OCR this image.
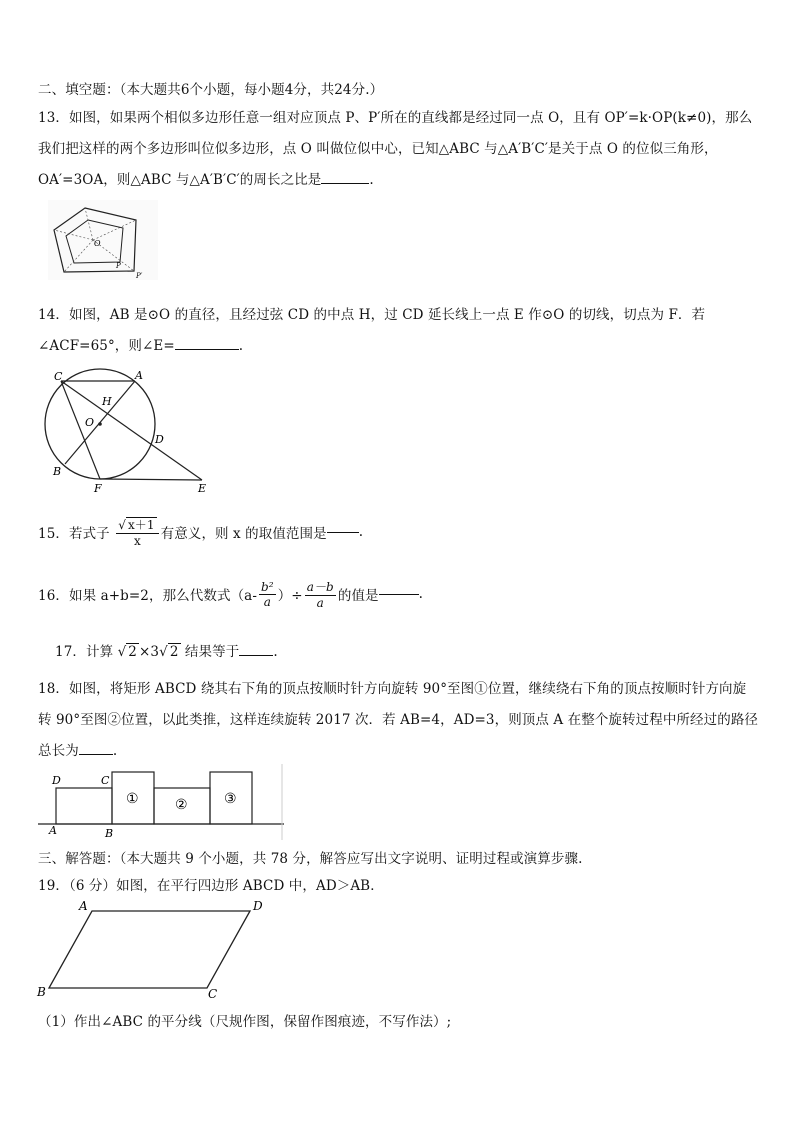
二、填空题：（本大题共6个小题，每小题4分，共24分.）
13．如图，如果两个相似多边形任意一组对应顶点 P、P′所在的直线都是经过同一点 O，且有 OP′=k·OP(k≠0)，那么
我们把这样的两个多边形叫位似多边形，点 O 叫做位似中心，已知△ABC 与△A′B′C′是关于点 O 的位似三角形，
OA′=3OA，则△ABC 与△A′B′C′的周长之比是	.
O
P
P′
14．如图，AB 是⊙O 的直径，且经过弦 CD 的中点 H，过 CD 延长线上一点 E 作⊙O 的切线，切点为 F．若
∠ACF=65°，则∠E=	.
C	A
H
O
D
B
F	E
15．若式子 $\frac{√ x+1}{x}$ 有意义，则 x 的取值范围是 .
16．如果 a+b=2，那么代数式（$a- \frac{\text{b²}}{a}$ ）÷ $\frac{a-b}{a}$ 的值是	.
17．计算 √ 2 ×3√ 2 结果等于	.
18．如图，将矩形 ABCD 绕其右下角的顶点按顺时针方向旋转 90°至图①位置，继续绕右下角的顶点按顺时针方向旋
转 90°至图②位置，以此类推，这样连续旋转 2017 次．若 AB=4，AD=3，则顶点 A 在整个旋转过程中所经过的路径
总长为	.
D	C
A	B
①	②	③
三、解答题：（本大题共 9 个小题，共 78 分，解答应写出文字说明、证明过程或演算步骤.
19．（6 分）如图，在平行四边形 ABCD 中，AD＞AB．
A	D
B	C
（1）作出∠ABC 的平分线（尺规作图，保留作图痕迹，不写作法）;
